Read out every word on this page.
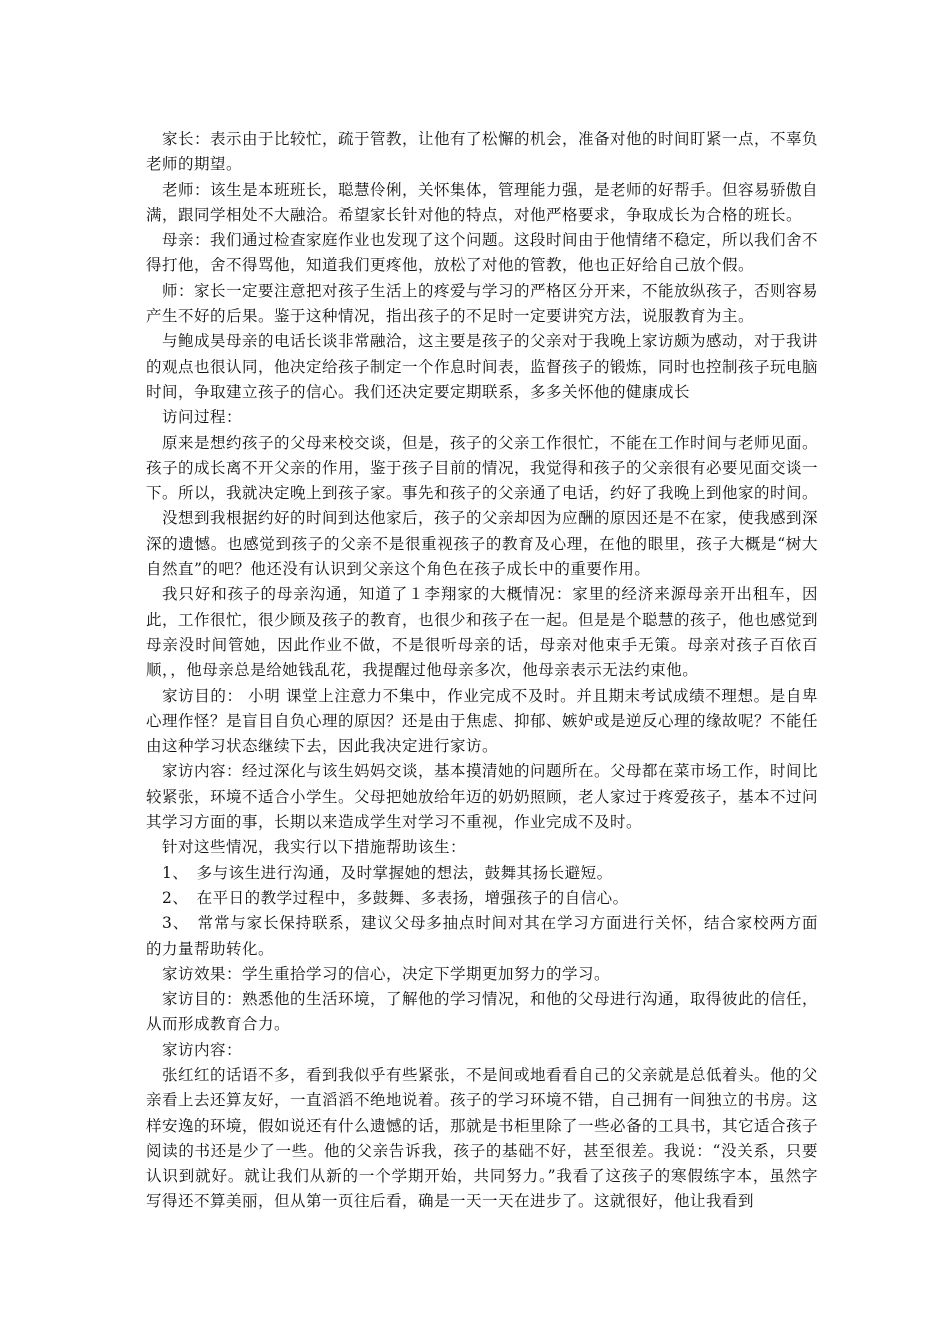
家长：表示由于比较忙，疏于管教，让他有了松懈的机会，准备对他的时间盯紧一点，不辜负老师的期望。

老师：该生是本班班长，聪慧伶俐，关怀集体，管理能力强，是老师的好帮手。但容易骄傲自满，跟同学相处不大融洽。希望家长针对他的特点，对他严格要求，争取成长为合格的班长。

母亲：我们通过检查家庭作业也发现了这个问题。这段时间由于他情绪不稳定，所以我们舍不得打他，舍不得骂他，知道我们更疼他，放松了对他的管教，他也正好给自己放个假。

师：家长一定要注意把对孩子生活上的疼爱与学习的严格区分开来，不能放纵孩子，否则容易产生不好的后果。鉴于这种情况，指出孩子的不足时一定要讲究方法，说服教育为主。

与鲍成昊母亲的电话长谈非常融洽，这主要是孩子的父亲对于我晚上家访颇为感动，对于我讲的观点也很认同，他决定给孩子制定一个作息时间表，监督孩子的锻炼，同时也控制孩子玩电脑时间，争取建立孩子的信心。我们还决定要定期联系，多多关怀他的健康成长

访问过程：

原来是想约孩子的父母来校交谈，但是，孩子的父亲工作很忙，不能在工作时间与老师见面。孩子的成长离不开父亲的作用，鉴于孩子目前的情况，我觉得和孩子的父亲很有必要见面交谈一下。所以，我就决定晚上到孩子家。事先和孩子的父亲通了电话，约好了我晚上到他家的时间。

没想到我根据约好的时间到达他家后，孩子的父亲却因为应酬的原因还是不在家，使我感到深深的遗憾。也感觉到孩子的父亲不是很重视孩子的教育及心理，在他的眼里，孩子大概是“树大自然直”的吧？他还没有认识到父亲这个角色在孩子成长中的重要作用。

我只好和孩子的母亲沟通，知道了１李翔家的大概情况：家里的经济来源母亲开出租车，因此，工作很忙，很少顾及孩子的教育，也很少和孩子在一起。但是是个聪慧的孩子，他也感觉到母亲没时间管她，因此作业不做，不是很听母亲的话，母亲对他束手无策。母亲对孩子百依百顺，，他母亲总是给她钱乱花，我提醒过他母亲多次，他母亲表示无法约束他。

家访目的： 小明 课堂上注意力不集中，作业完成不及时。并且期末考试成绩不理想。是自卑心理作怪？是盲目自负心理的原因？还是由于焦虑、抑郁、嫉妒或是逆反心理的缘故呢？不能任由这种学习状态继续下去，因此我决定进行家访。

家访内容：经过深化与该生妈妈交谈，基本摸清她的问题所在。父母都在菜市场工作，时间比较紧张，环境不适合小学生。父母把她放给年迈的奶奶照顾，老人家过于疼爱孩子，基本不过问其学习方面的事，长期以来造成学生对学习不重视，作业完成不及时。

针对这些情况，我实行以下措施帮助该生：

1、　多与该生进行沟通，及时掌握她的想法，鼓舞其扬长避短。

2、　在平日的教学过程中，多鼓舞、多表扬，增强孩子的自信心。

3、　常常与家长保持联系，建议父母多抽点时间对其在学习方面进行关怀，结合家校两方面的力量帮助转化。

家访效果：学生重拾学习的信心，决定下学期更加努力的学习。

家访目的：熟悉他的生活环境，了解他的学习情况，和他的父母进行沟通，取得彼此的信任，从而形成教育合力。

家访内容：

张红红的话语不多，看到我似乎有些紧张，不是间或地看看自己的父亲就是总低着头。他的父亲看上去还算友好，一直滔滔不绝地说着。孩子的学习环境不错，自己拥有一间独立的书房。这样安逸的环境，假如说还有什么遗憾的话，那就是书柜里除了一些必备的工具书，其它适合孩子阅读的书还是少了一些。他的父亲告诉我，孩子的基础不好，甚至很差。我说：“没关系，只要认识到就好。就让我们从新的一个学期开始，共同努力。”我看了这孩子的寒假练字本，虽然字写得还不算美丽，但从第一页往后看，确是一天一天在进步了。这就很好，他让我看到
